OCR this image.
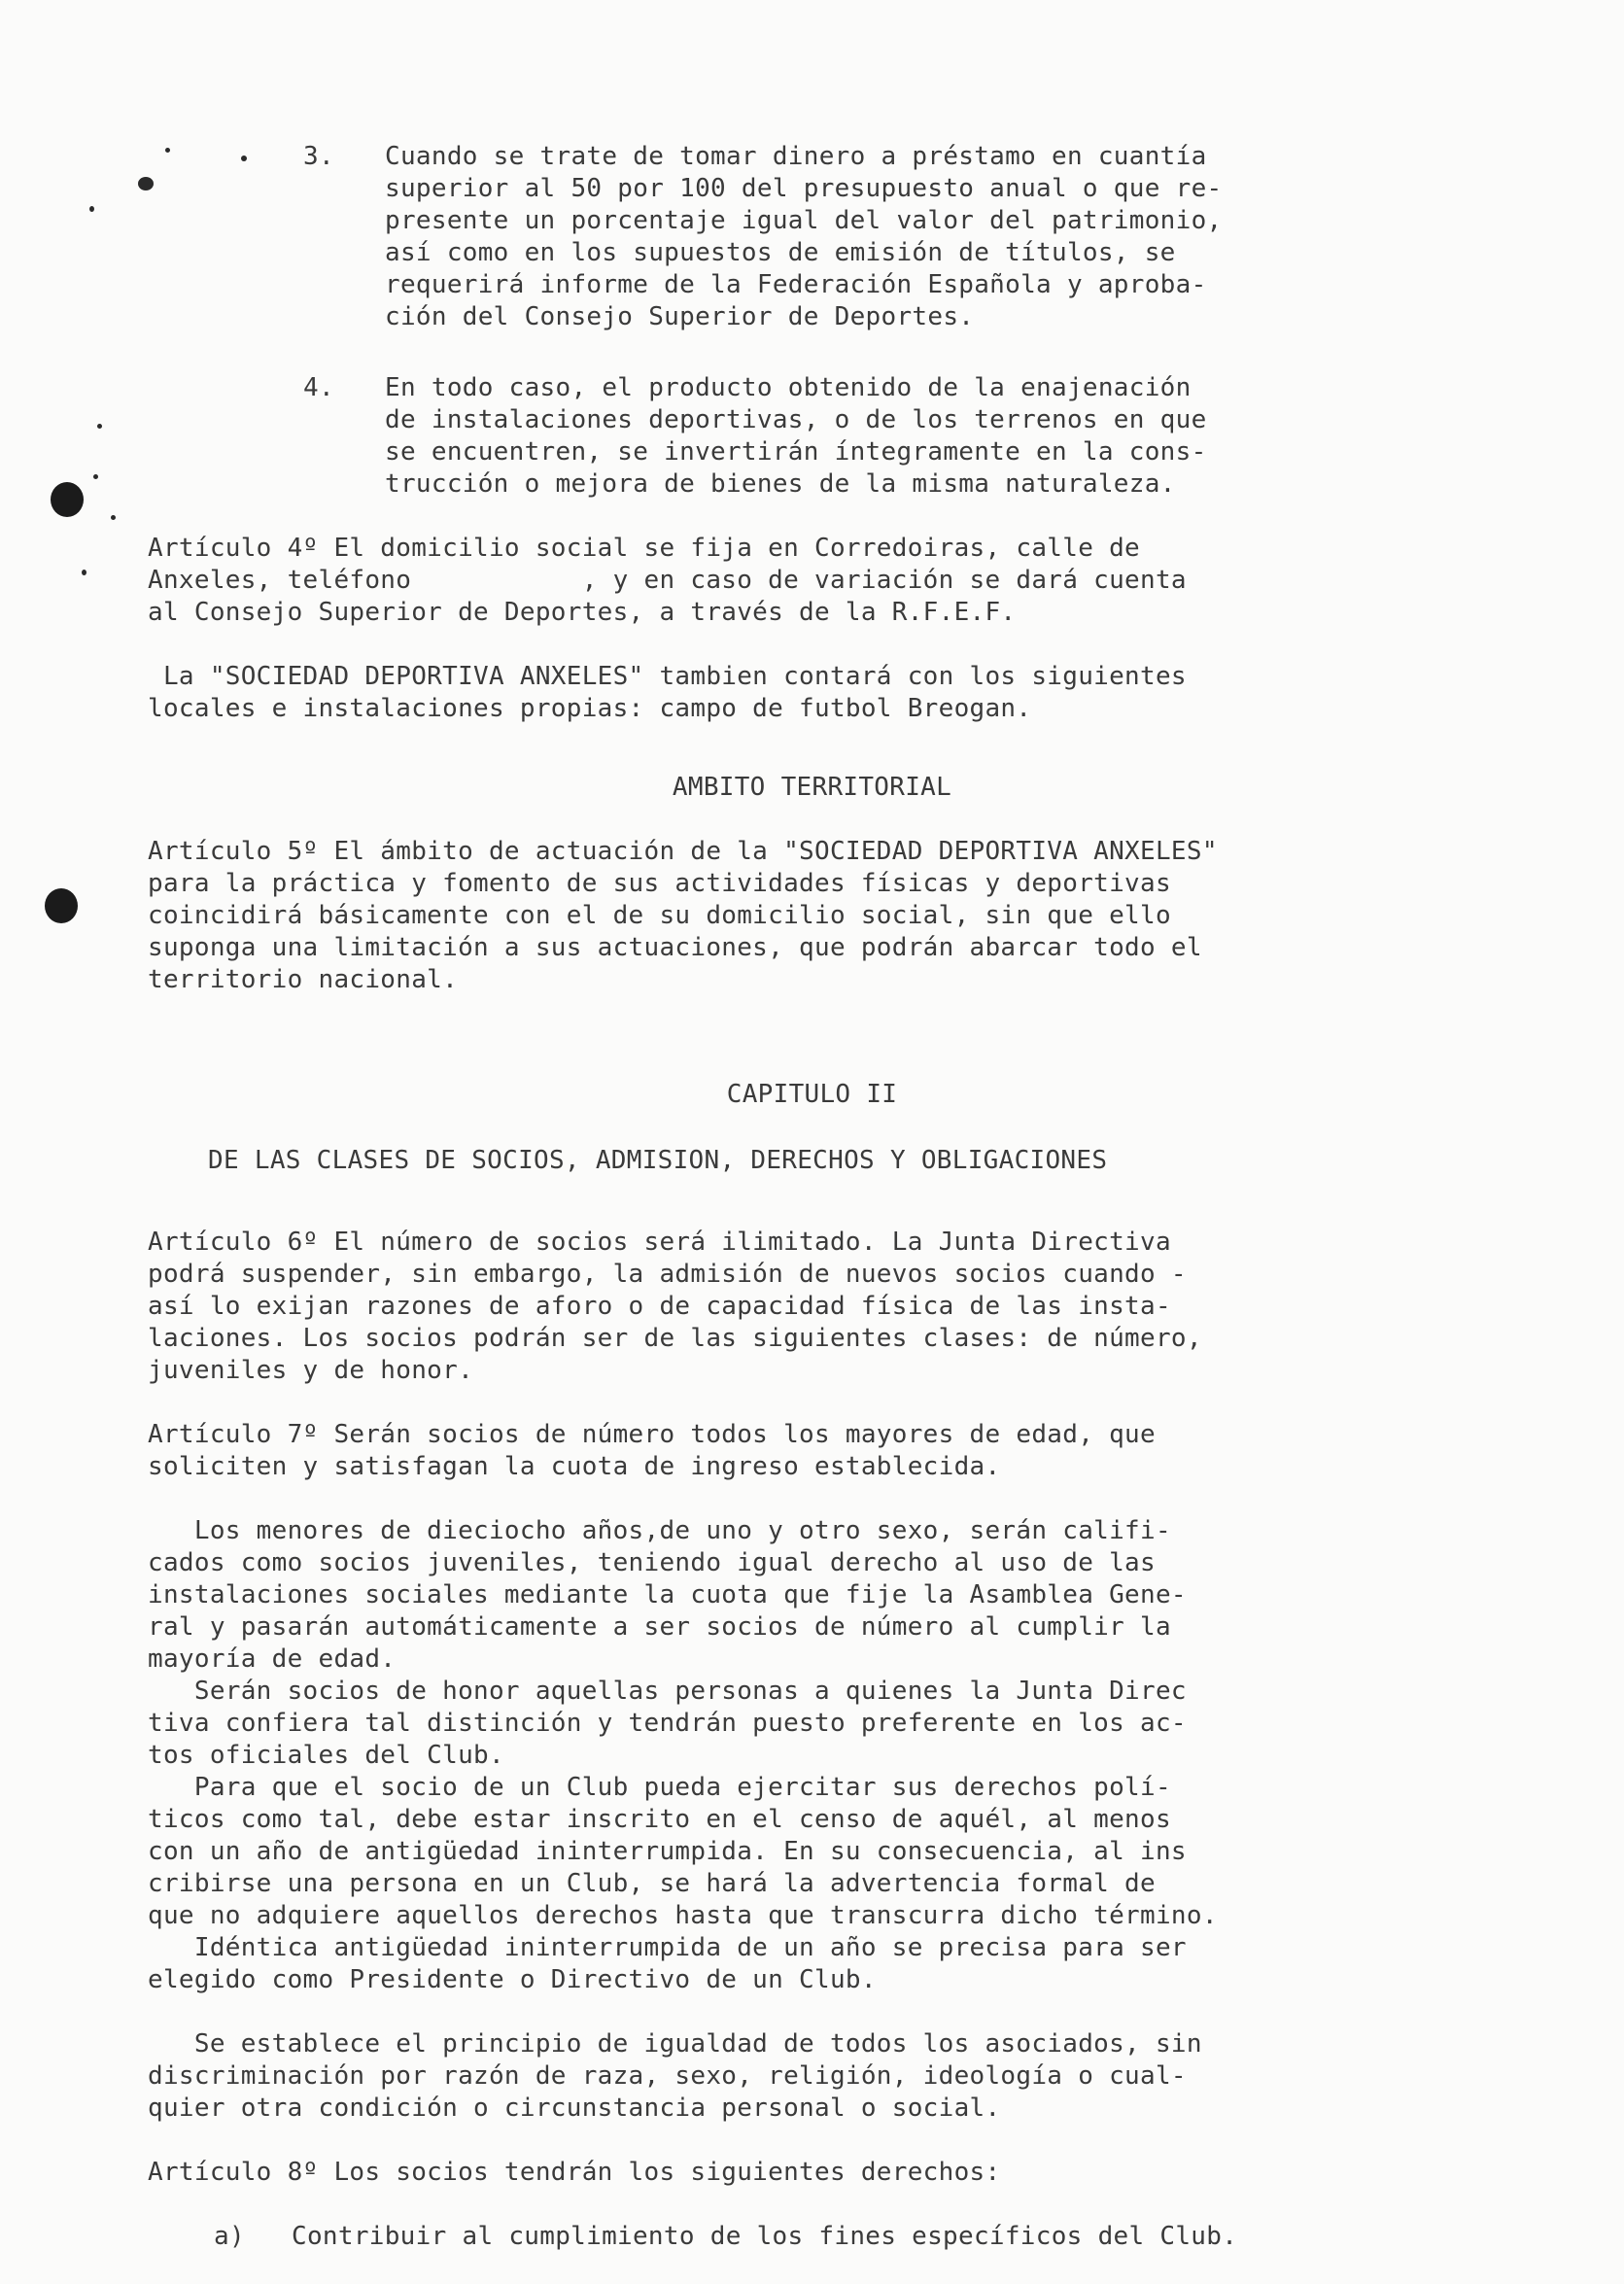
3. Cuando se trate de tomar dinero a préstamo en cuantía
superior al 50 por 100 del presupuesto anual o que re-
presente un porcentaje igual del valor del patrimonio,
así como en los supuestos de emisión de títulos, se
requerirá informe de la Federación Española y aproba-
ción del Consejo Superior de Deportes.
4. En todo caso, el producto obtenido de la enajenación
de instalaciones deportivas, o de los terrenos en que
se encuentren, se invertirán íntegramente en la cons-
trucción o mejora de bienes de la misma naturaleza.
Artículo 4º El domicilio social se fija en Corredoiras, calle de
Anxeles, teléfono           , y en caso de variación se dará cuenta
al Consejo Superior de Deportes, a través de la R.F.E.F.
La "SOCIEDAD DEPORTIVA ANXELES" tambien contará con los siguientes
locales e instalaciones propias: campo de futbol Breogan.
AMBITO TERRITORIAL
Artículo 5º El ámbito de actuación de la "SOCIEDAD DEPORTIVA ANXELES"
para la práctica y fomento de sus actividades físicas y deportivas
coincidirá básicamente con el de su domicilio social, sin que ello
suponga una limitación a sus actuaciones, que podrán abarcar todo el
territorio nacional.
CAPITULO II
DE LAS CLASES DE SOCIOS, ADMISION, DERECHOS Y OBLIGACIONES
Artículo 6º El número de socios será ilimitado. La Junta Directiva
podrá suspender, sin embargo, la admisión de nuevos socios cuando -
así lo exijan razones de aforo o de capacidad física de las insta-
laciones. Los socios podrán ser de las siguientes clases: de número,
juveniles y de honor.
Artículo 7º Serán socios de número todos los mayores de edad, que
soliciten y satisfagan la cuota de ingreso establecida.
Los menores de dieciocho años,de uno y otro sexo, serán califi-
cados como socios juveniles, teniendo igual derecho al uso de las
instalaciones sociales mediante la cuota que fije la Asamblea Gene-
ral y pasarán automáticamente a ser socios de número al cumplir la
mayoría de edad.
Serán socios de honor aquellas personas a quienes la Junta Direc
tiva confiera tal distinción y tendrán puesto preferente en los ac-
tos oficiales del Club.
Para que el socio de un Club pueda ejercitar sus derechos polí-
ticos como tal, debe estar inscrito en el censo de aquél, al menos
con un año de antigüedad ininterrumpida. En su consecuencia, al ins
cribirse una persona en un Club, se hará la advertencia formal de
que no adquiere aquellos derechos hasta que transcurra dicho término.
Idéntica antigüedad ininterrumpida de un año se precisa para ser
elegido como Presidente o Directivo de un Club.
Se establece el principio de igualdad de todos los asociados, sin
discriminación por razón de raza, sexo, religión, ideología o cual-
quier otra condición o circunstancia personal o social.
Artículo 8º Los socios tendrán los siguientes derechos:
a) Contribuir al cumplimiento de los fines específicos del Club.
